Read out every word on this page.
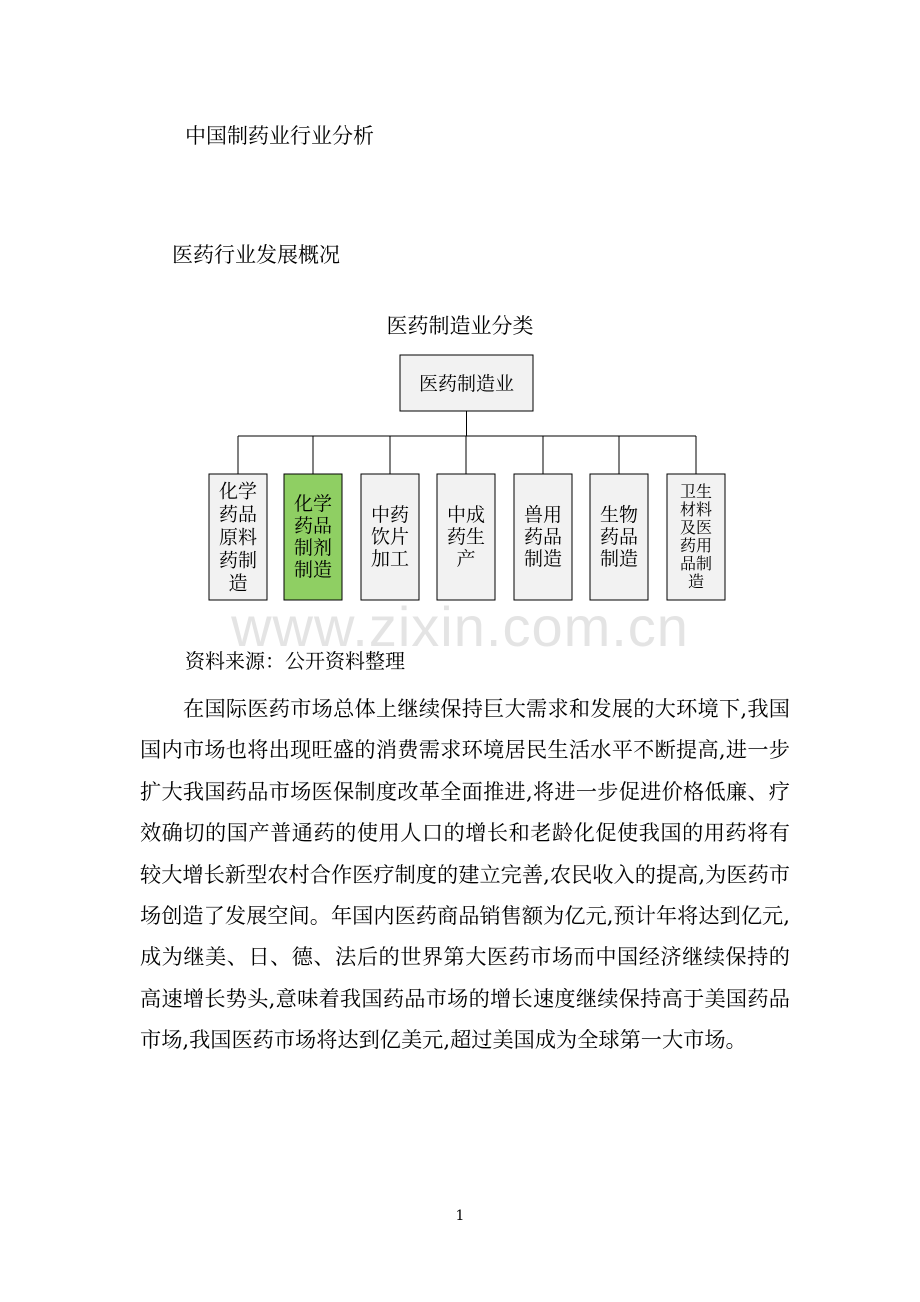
中国制药业行业分析
医药行业发展概况
医药制造业分类
医药制造业
化学
药品
原料
药制
造
化学
药品
制剂
制造
中药
饮片
加工
中成
药生
产
兽用
药品
制造
生物
药品
制造
卫生
材料
及医
药用
品制
造
www.zixin.com.cn
资料来源：公开资料整理

在国际医药市场总体上继续保持巨大需求和发展的大环境下,我国国内市场也将出现旺盛的消费需求环境居民生活水平不断提高,进一步扩大我国药品市场医保制度改革全面推进,将进一步促进价格低廉、疗效确切的国产普通药的使用人口的增长和老龄化促使我国的用药将有较大增长新型农村合作医疗制度的建立完善,农民收入的提高,为医药市场创造了发展空间。年国内医药商品销售额为亿元,预计年将达到亿元,成为继美、日、德、法后的世界第大医药市场而中国经济继续保持的高速增长势头,意味着我国药品市场的增长速度继续保持高于美国药品市场,我国医药市场将达到亿美元,超过美国成为全球第一大市场。

1
